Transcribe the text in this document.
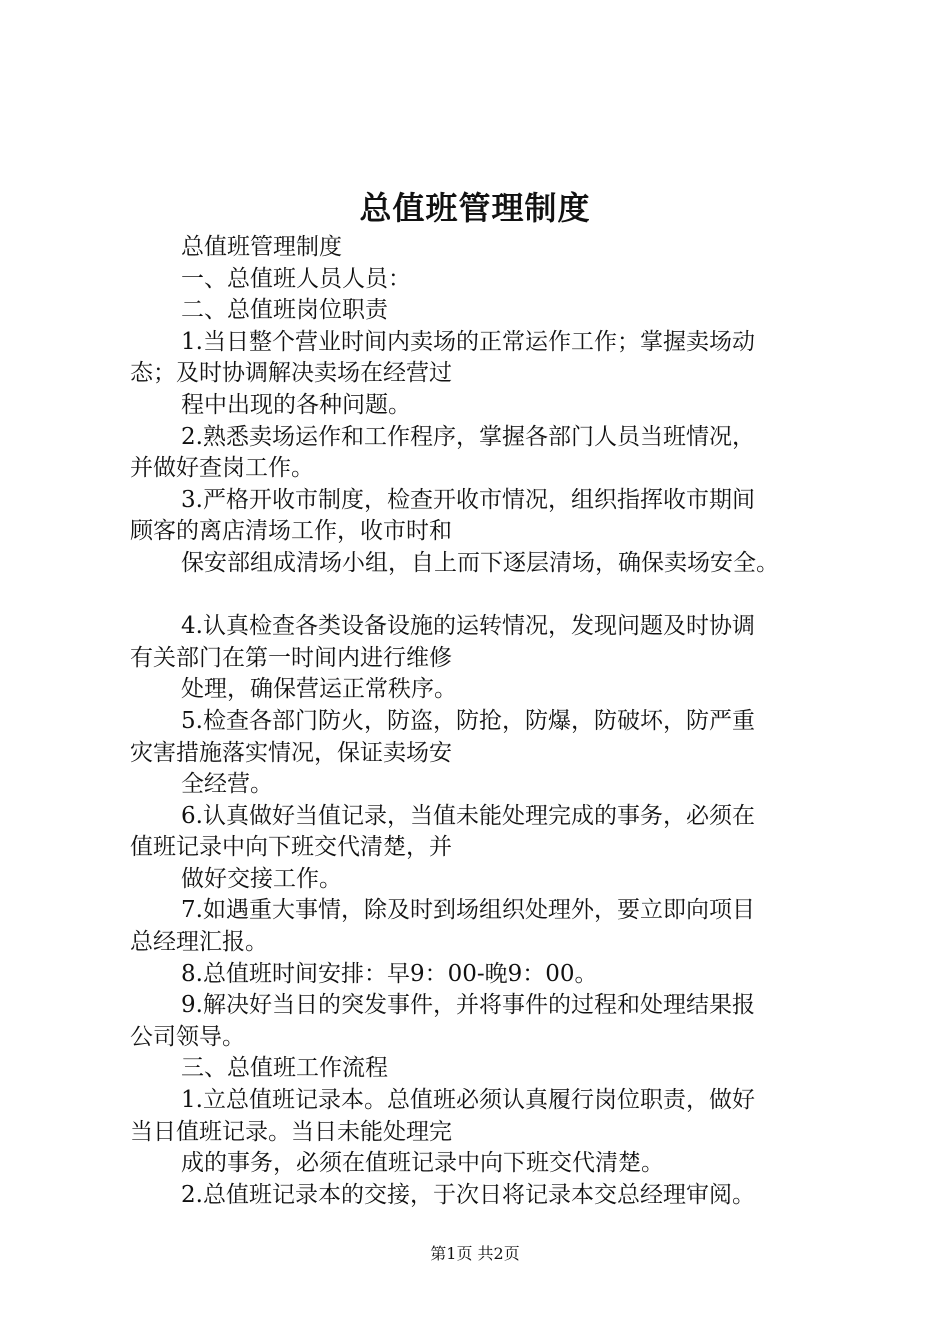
总值班管理制度
总值班管理制度
一、总值班人员人员：
二、总值班岗位职责
1.当日整个营业时间内卖场的正常运作工作；掌握卖场动
态；及时协调解决卖场在经营过
程中出现的各种问题。
2.熟悉卖场运作和工作程序，掌握各部门人员当班情况，
并做好查岗工作。
3.严格开收市制度，检查开收市情况，组织指挥收市期间
顾客的离店清场工作，收市时和
保安部组成清场小组，自上而下逐层清场，确保卖场安全。
4.认真检查各类设备设施的运转情况，发现问题及时协调
有关部门在第一时间内进行维修
处理，确保营运正常秩序。
5.检查各部门防火，防盗，防抢，防爆，防破坏，防严重
灾害措施落实情况，保证卖场安
全经营。
6.认真做好当值记录，当值未能处理完成的事务，必须在
值班记录中向下班交代清楚，并
做好交接工作。
7.如遇重大事情，除及时到场组织处理外，要立即向项目
总经理汇报。
8.总值班时间安排：早9：00-晚9：00。
9.解决好当日的突发事件，并将事件的过程和处理结果报
公司领导。
三、总值班工作流程
1.立总值班记录本。总值班必须认真履行岗位职责，做好
当日值班记录。当日未能处理完
成的事务，必须在值班记录中向下班交代清楚。
2.总值班记录本的交接，于次日将记录本交总经理审阅。
第1页 共2页
